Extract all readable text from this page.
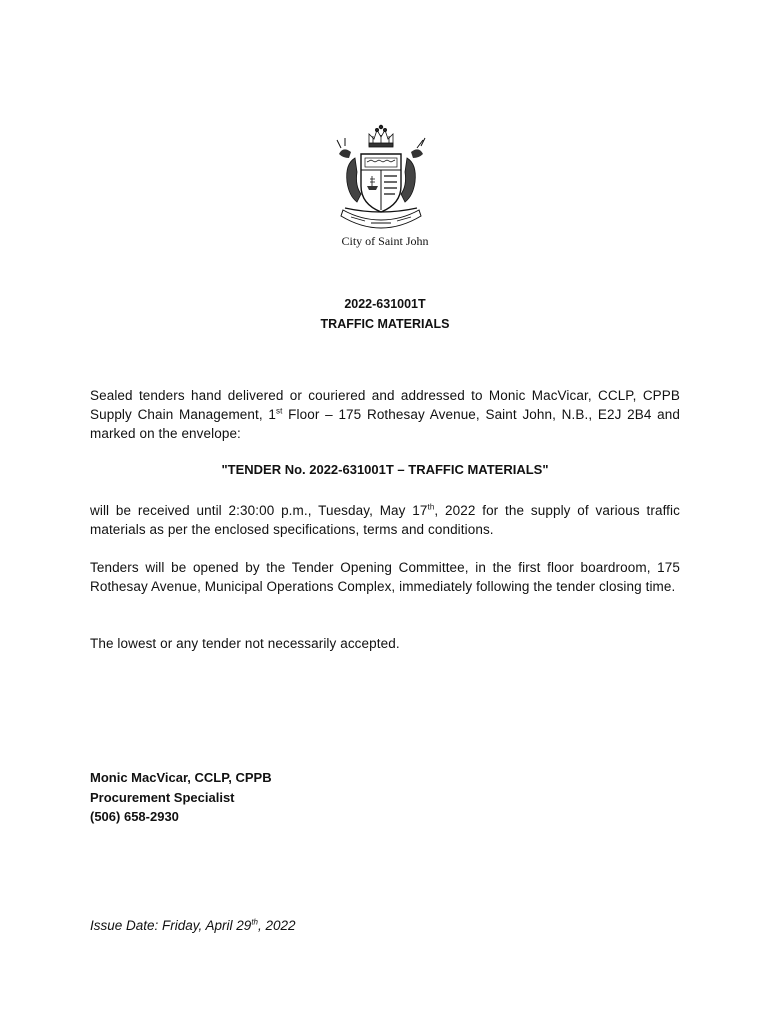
City of Saint John
2022-631001T
TRAFFIC MATERIALS
Sealed tenders hand delivered or couriered and addressed to Monic MacVicar, CCLP, CPPB Supply Chain Management, 1st Floor – 175 Rothesay Avenue, Saint John, N.B., E2J 2B4 and marked on the envelope:
"TENDER No. 2022-631001T – TRAFFIC MATERIALS"
will be received until 2:30:00 p.m., Tuesday, May 17th, 2022 for the supply of various traffic materials as per the enclosed specifications, terms and conditions.
Tenders will be opened by the Tender Opening Committee, in the first floor boardroom, 175 Rothesay Avenue, Municipal Operations Complex, immediately following the tender closing time.
The lowest or any tender not necessarily accepted.
Monic MacVicar, CCLP, CPPB
Procurement Specialist
(506) 658-2930
Issue Date: Friday, April 29th, 2022
